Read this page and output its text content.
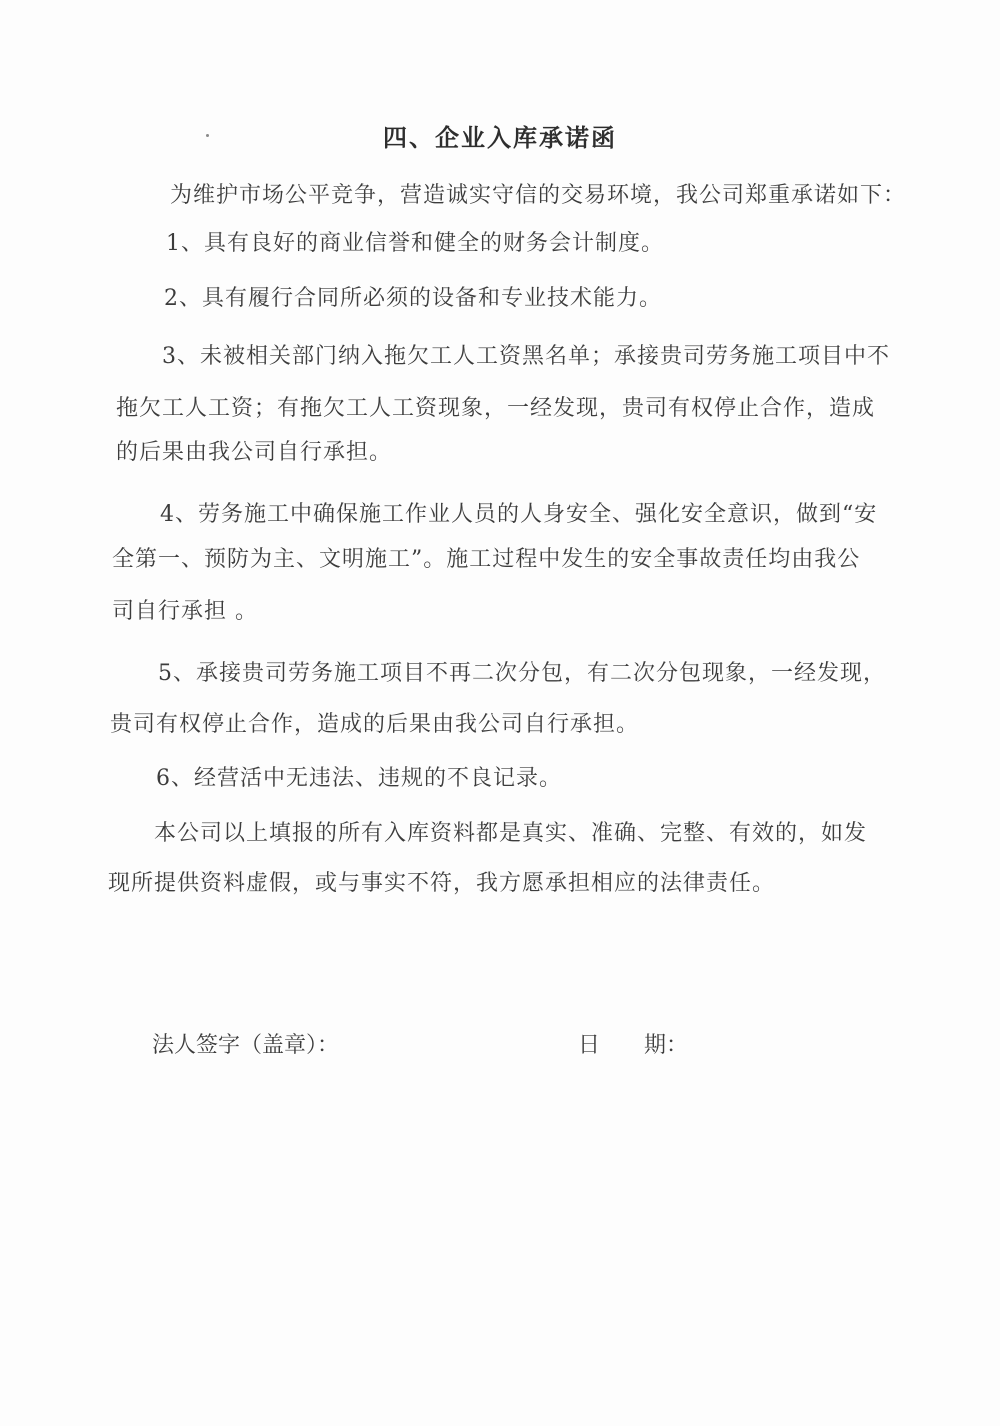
四、企业入库承诺函
为维护市场公平竞争，营造诚实守信的交易环境，我公司郑重承诺如下：
1、具有良好的商业信誉和健全的财务会计制度。
2、具有履行合同所必须的设备和专业技术能力。
3、未被相关部门纳入拖欠工人工资黑名单；承接贵司劳务施工项目中不
拖欠工人工资；有拖欠工人工资现象，一经发现，贵司有权停止合作，造成
的后果由我公司自行承担。
4、劳务施工中确保施工作业人员的人身安全、强化安全意识，做到“安
全第一、预防为主、文明施工”。施工过程中发生的安全事故责任均由我公
司自行承担 。
5、承接贵司劳务施工项目不再二次分包，有二次分包现象，一经发现，
贵司有权停止合作，造成的后果由我公司自行承担。
6、经营活中无违法、违规的不良记录。
本公司以上填报的所有入库资料都是真实、准确、完整、有效的，如发
现所提供资料虚假，或与事实不符，我方愿承担相应的法律责任。
法人签字（盖章）：	日　　期：
